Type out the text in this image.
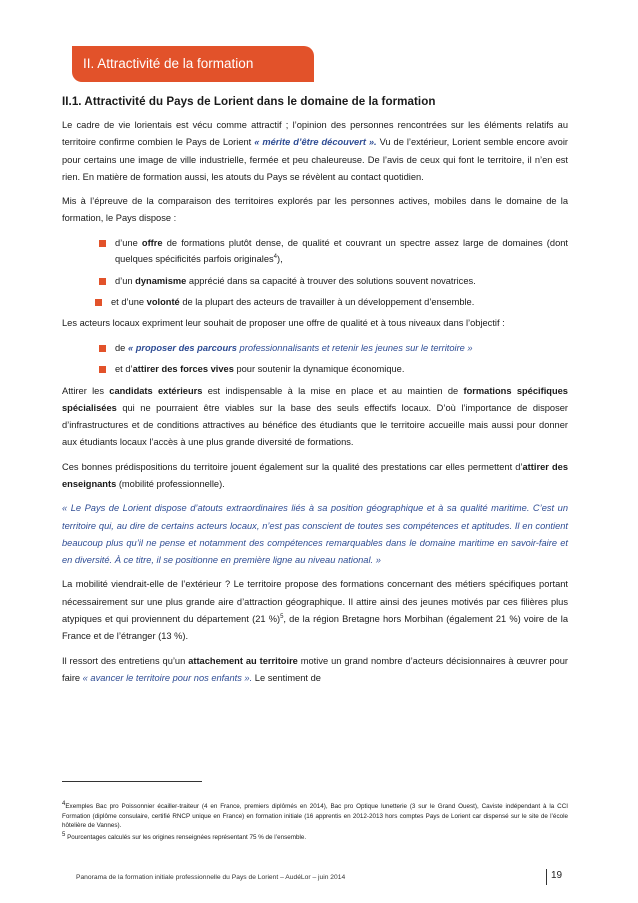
II. Attractivité de la formation
II.1. Attractivité du Pays de Lorient dans le domaine de la formation

Le cadre de vie lorientais est vécu comme attractif ; l’opinion des personnes rencontrées sur les éléments relatifs au territoire confirme combien le Pays de Lorient « mérite d’être découvert ». Vu de l’extérieur, Lorient semble encore avoir pour certains une image de ville industrielle, fermée et peu chaleureuse. De l’avis de ceux qui font le territoire, il n’en est rien. En matière de formation aussi, les atouts du Pays se révèlent au contact quotidien.

Mis à l’épreuve de la comparaison des territoires explorés par les personnes actives, mobiles dans le domaine de la formation, le Pays dispose :

d’une offre de formations plutôt dense, de qualité et couvrant un spectre assez large de domaines (dont quelques spécificités parfois originales$^4$),
d’un dynamisme apprécié dans sa capacité à trouver des solutions souvent novatrices.
et d’une volonté de la plupart des acteurs de travailler à un développement d’ensemble.

Les acteurs locaux expriment leur souhait de proposer une offre de qualité et à tous niveaux dans l’objectif :

de « proposer des parcours professionnalisants et retenir les jeunes sur le territoire »
et d’attirer des forces vives pour soutenir la dynamique économique.

Attirer les candidats extérieurs est indispensable à la mise en place et au maintien de formations spécifiques spécialisées qui ne pourraient être viables sur la base des seuls effectifs locaux. D’où l’importance de disposer d’infrastructures et de conditions attractives au bénéfice des étudiants que le territoire accueille mais aussi pour donner aux étudiants locaux l’accès à une plus grande diversité de formations.

Ces bonnes prédispositions du territoire jouent également sur la qualité des prestations car elles permettent d’attirer des enseignants (mobilité professionnelle).

« Le Pays de Lorient dispose d’atouts extraordinaires liés à sa position géographique et à sa qualité maritime. C’est un territoire qui, au dire de certains acteurs locaux, n’est pas conscient de toutes ses compétences et aptitudes. Il en contient beaucoup plus qu’il ne pense et notamment des compétences remarquables dans le domaine maritime en savoir-faire et en diversité. À ce titre, il se positionne en première ligne au niveau national. »

La mobilité viendrait-elle de l’extérieur ? Le territoire propose des formations concernant des métiers spécifiques portant nécessairement sur une plus grande aire d’attraction géographique. Il attire ainsi des jeunes motivés par ces filières plus atypiques et qui proviennent du département (21 %)$^5$, de la région Bretagne hors Morbihan (également 21 %) voire de la France et de l’étranger (13 %).

Il ressort des entretiens qu’un attachement au territoire motive un grand nombre d’acteurs décisionnaires à œuvrer pour faire « avancer le territoire pour nos enfants ». Le sentiment de

$^4$Exemples Bac pro Poissonnier écailler-traiteur (4 en France, premiers diplômés en 2014), Bac pro Optique lunetterie (3 sur le Grand Ouest), Caviste indépendant à la CCI Formation (diplôme consulaire, certifié RNCP unique en France) en formation initiale (16 apprentis en 2012-2013 hors comptes Pays de Lorient car dispensé sur le site de l’école hôtelière de Vannes).

$^5$ Pourcentages calculés sur les origines renseignées représentant 75 % de l’ensemble.

Panorama de la formation initiale professionnelle du Pays de Lorient – AudéLor – juin 2014	19
